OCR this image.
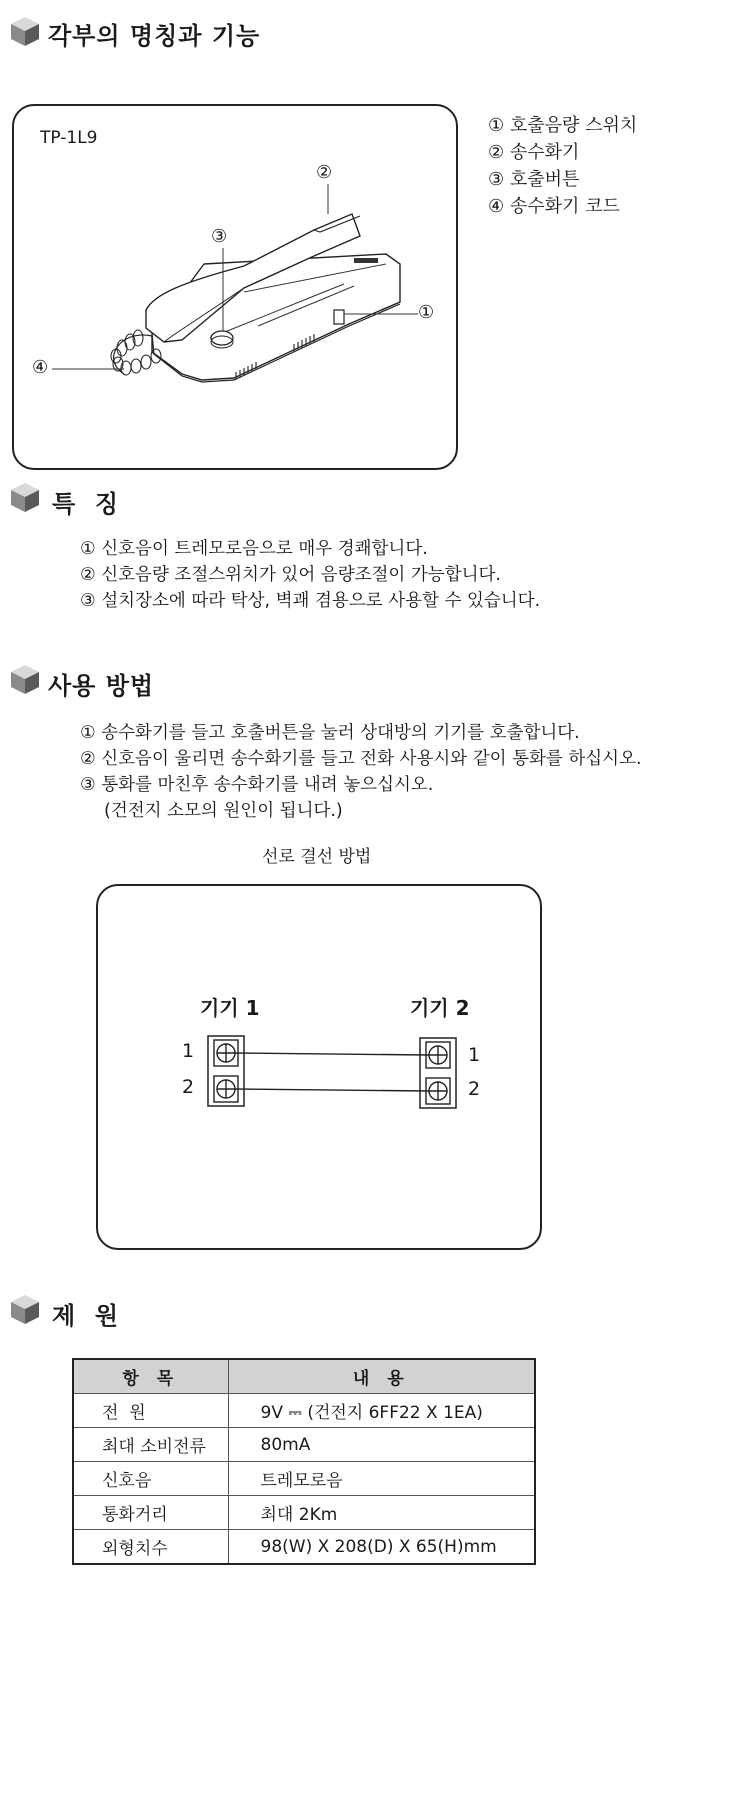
각부의 명칭과 기능
TP-1L9
①
②
③
④
① 호출음량 스위치
② 송수화기
③ 호출버튼
④ 송수화기 코드
특  징
① 신호음이 트레모로음으로 매우 경쾌합니다.
② 신호음량 조절스위치가 있어 음량조절이 가능합니다.
③ 설치장소에 따라 탁상, 벽괘 겸용으로 사용할 수 있습니다.
사용 방법
① 송수화기를 들고 호출버튼을 눌러 상대방의 기기를 호출합니다.
② 신호음이 울리면 송수화기를 들고 전화 사용시와 같이 통화를 하십시오.
③ 통화를 마친후 송수화기를 내려 놓으십시오.
(건전지 소모의 원인이 됩니다.)
선로 결선 방법
기기 1	기기 2
1
2
1
2
제  원
항 목	내 용
전  원	9V ⎓ (건전지 6FF22 X 1EA)
최대 소비전류	80mA
신호음	트레모로음
통화거리	최대 2Km
외형치수	98(W) X 208(D) X 65(H)mm
